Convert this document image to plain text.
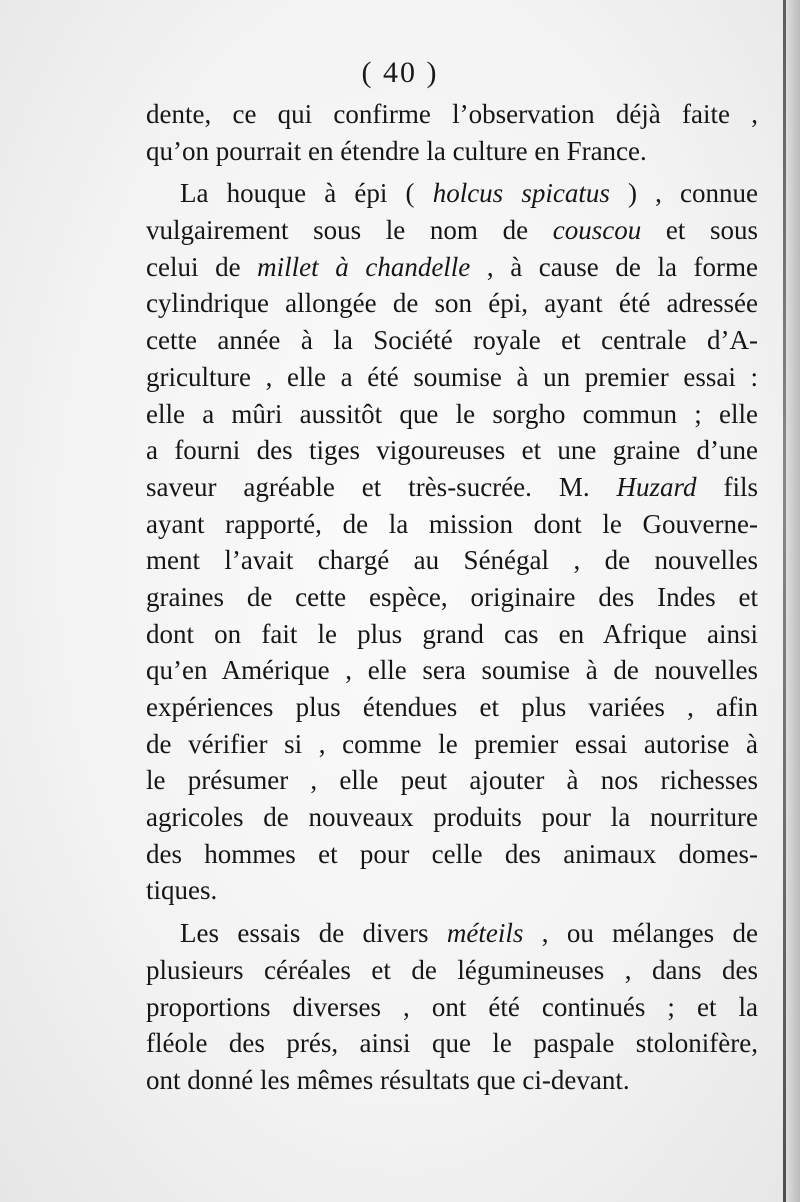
( 40 )
dente, ce qui confirme l’observation déjà faite ,
qu’on pourrait en étendre la culture en France.
La houque à épi ( holcus spicatus ) , connue
vulgairement sous le nom de couscou et sous
celui de millet à chandelle , à cause de la forme
cylindrique allongée de son épi, ayant été adressée
cette année à la Société royale et centrale d’A-
griculture , elle a été soumise à un premier essai :
elle a mûri aussitôt que le sorgho commun ; elle
a fourni des tiges vigoureuses et une graine d’une
saveur agréable et très-sucrée. M. Huzard fils
ayant rapporté, de la mission dont le Gouverne-
ment l’avait chargé au Sénégal , de nouvelles
graines de cette espèce, originaire des Indes et
dont on fait le plus grand cas en Afrique ainsi
qu’en Amérique , elle sera soumise à de nouvelles
expériences plus étendues et plus variées , afin
de vérifier si , comme le premier essai autorise à
le présumer , elle peut ajouter à nos richesses
agricoles de nouveaux produits pour la nourriture
des hommes et pour celle des animaux domes-
tiques.
Les essais de divers méteils , ou mélanges de
plusieurs céréales et de légumineuses , dans des
proportions diverses , ont été continués ; et la
fléole des prés, ainsi que le paspale stolonifère,
ont donné les mêmes résultats que ci-devant.
